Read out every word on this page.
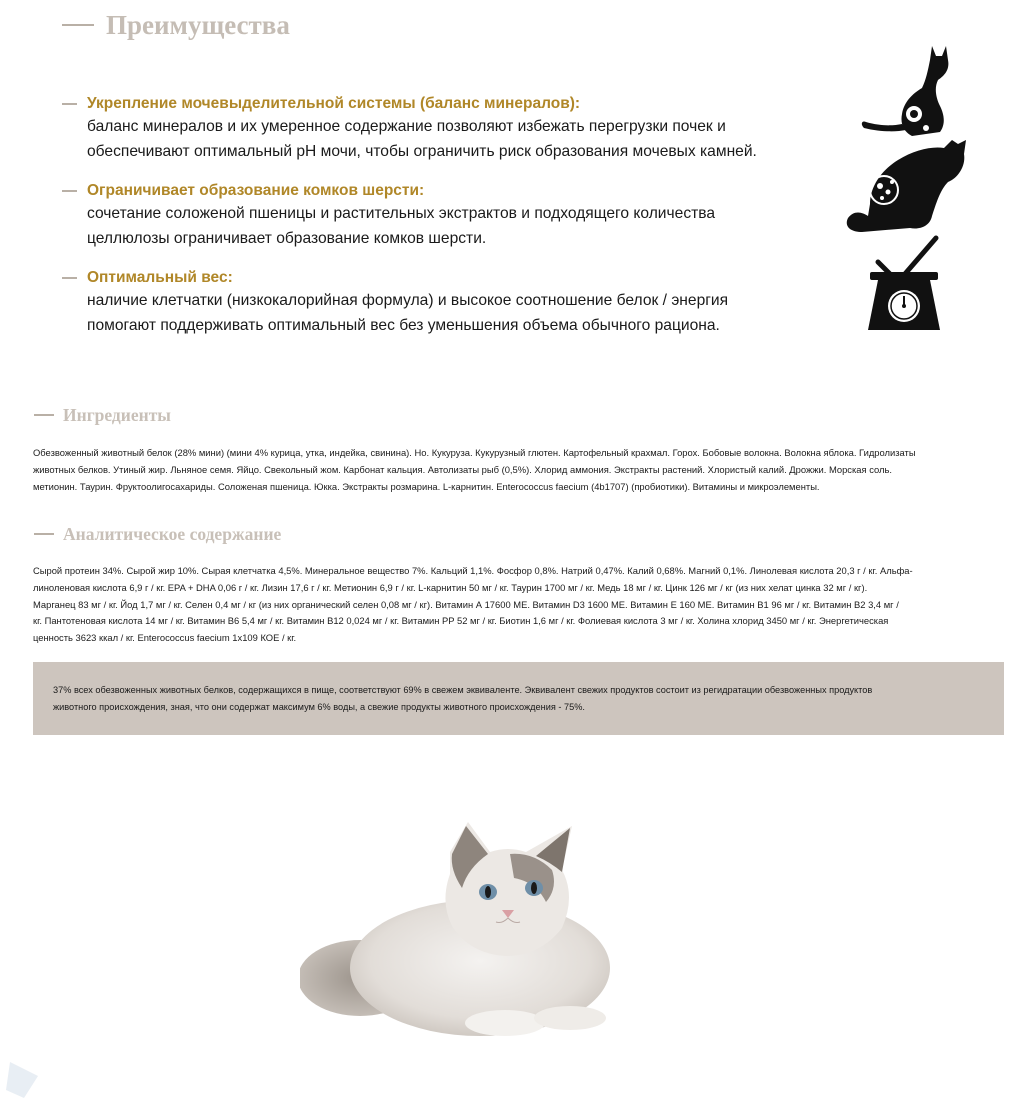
Преимущества
Укрепление мочевыделительной системы (баланс минералов):
баланс минералов и их умеренное содержание позволяют избежать перегрузки почек и
обеспечивают оптимальный pH мочи, чтобы ограничить риск образования мочевых камней.
Ограничивает образование комков шерсти:
сочетание соложеной пшеницы и растительных экстрактов и подходящего количества
целлюлозы ограничивает образование комков шерсти.
Оптимальный вес:
наличие клетчатки (низкокалорийная формула) и высокое соотношение белок / энергия
помогают поддерживать оптимальный вес без уменьшения объема обычного рациона.
Ингредиенты
Обезвоженный животный белок (28% мини) (мини 4% курица, утка, индейка, свинина). Но. Кукуруза. Кукурузный глютен. Картофельный крахмал. Горох. Бобовые волокна. Волокна яблока. Гидролизаты
животных белков. Утиный жир. Льняное семя. Яйцо. Свекольный жом. Карбонат кальция. Автолизаты рыб (0,5%). Хлорид аммония. Экстракты растений. Хлористый калий. Дрожжи. Морская соль.
метионин. Таурин. Фруктоолигосахариды. Соложеная пшеница. Юкка. Экстракты розмарина. L-карнитин. Enterococcus faecium (4b1707) (пробиотики). Витамины и микроэлементы.
Аналитическое содержание
Сырой протеин 34%. Сырой жир 10%. Сырая клетчатка 4,5%. Минеральное вещество 7%. Кальций 1,1%. Фосфор 0,8%. Натрий 0,47%. Калий 0,68%. Магний 0,1%. Линолевая кислота 20,3 г / кг. Альфа-
линоленовая кислота 6,9 г / кг. EPA + DHA 0,06 г / кг. Лизин 17,6 г / кг. Метионин 6,9 г / кг. L-карнитин 50 мг / кг. Таурин 1700 мг / кг. Медь 18 мг / кг. Цинк 126 мг / кг (из них хелат цинка 32 мг / кг).
Марганец 83 мг / кг. Йод 1,7 мг / кг. Селен 0,4 мг / кг (из них органический селен 0,08 мг / кг). Витамин А 17600 МЕ. Витамин D3 1600 МЕ. Витамин Е 160 МЕ. Витамин B1 96 мг / кг. Витамин B2 3,4 мг /
кг. Пантотеновая кислота 14 мг / кг. Витамин B6 5,4 мг / кг. Витамин B12 0,024 мг / кг. Витамин PP 52 мг / кг. Биотин 1,6 мг / кг. Фолиевая кислота 3 мг / кг. Холина хлорид 3450 мг / кг. Энергетическая
ценность 3623 ккал / кг. Enterococcus faecium 1x109 КОЕ / кг.
37% всех обезвоженных животных белков, содержащихся в пище, соответствуют 69% в свежем эквиваленте. Эквивалент свежих продуктов состоит из регидратации обезвоженных продуктов
животного происхождения, зная, что они содержат максимум 6% воды, а свежие продукты животного происхождения - 75%.
